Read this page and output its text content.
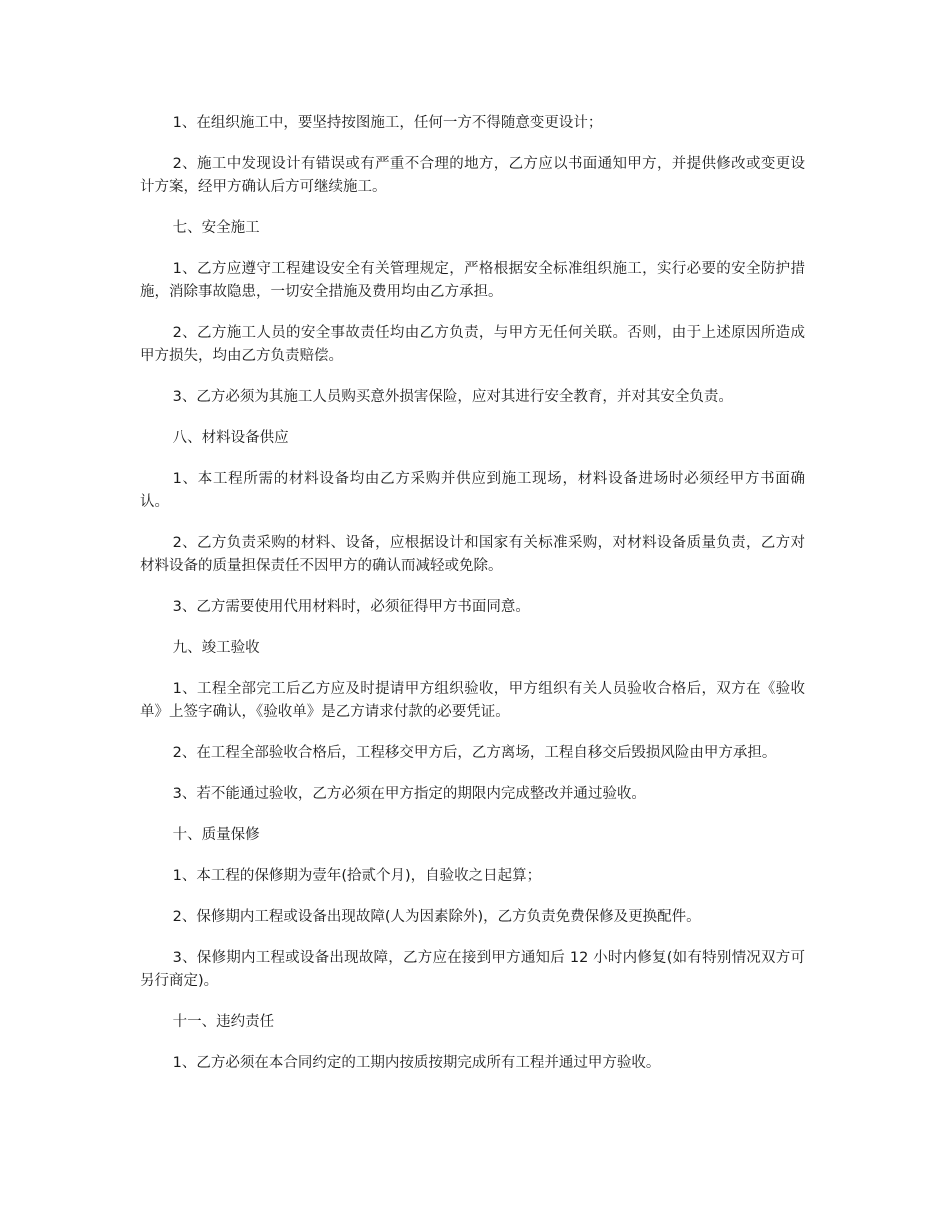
1、在组织施工中，要坚持按图施工，任何一方不得随意变更设计；

2、施工中发现设计有错误或有严重不合理的地方，乙方应以书面通知甲方，并提供修改或变更设计方案，经甲方确认后方可继续施工。

七、安全施工

1、乙方应遵守工程建设安全有关管理规定，严格根据安全标准组织施工，实行必要的安全防护措施，消除事故隐患，一切安全措施及费用均由乙方承担。

2、乙方施工人员的安全事故责任均由乙方负责，与甲方无任何关联。否则，由于上述原因所造成甲方损失，均由乙方负责赔偿。

3、乙方必须为其施工人员购买意外损害保险，应对其进行安全教育，并对其安全负责。

八、材料设备供应

1、本工程所需的材料设备均由乙方采购并供应到施工现场，材料设备进场时必须经甲方书面确认。

2、乙方负责采购的材料、设备，应根据设计和国家有关标准采购，对材料设备质量负责，乙方对材料设备的质量担保责任不因甲方的确认而减轻或免除。

3、乙方需要使用代用材料时，必须征得甲方书面同意。

九、竣工验收

1、工程全部完工后乙方应及时提请甲方组织验收，甲方组织有关人员验收合格后，双方在《验收单》上签字确认，《验收单》是乙方请求付款的必要凭证。

2、在工程全部验收合格后，工程移交甲方后，乙方离场，工程自移交后毁损风险由甲方承担。

3、若不能通过验收，乙方必须在甲方指定的期限内完成整改并通过验收。

十、质量保修

1、本工程的保修期为壹年(拾贰个月)，自验收之日起算；

2、保修期内工程或设备出现故障(人为因素除外)，乙方负责免费保修及更换配件。

3、保修期内工程或设备出现故障，乙方应在接到甲方通知后 12 小时内修复(如有特别情况双方可另行商定)。

十一、违约责任

1、乙方必须在本合同约定的工期内按质按期完成所有工程并通过甲方验收。
